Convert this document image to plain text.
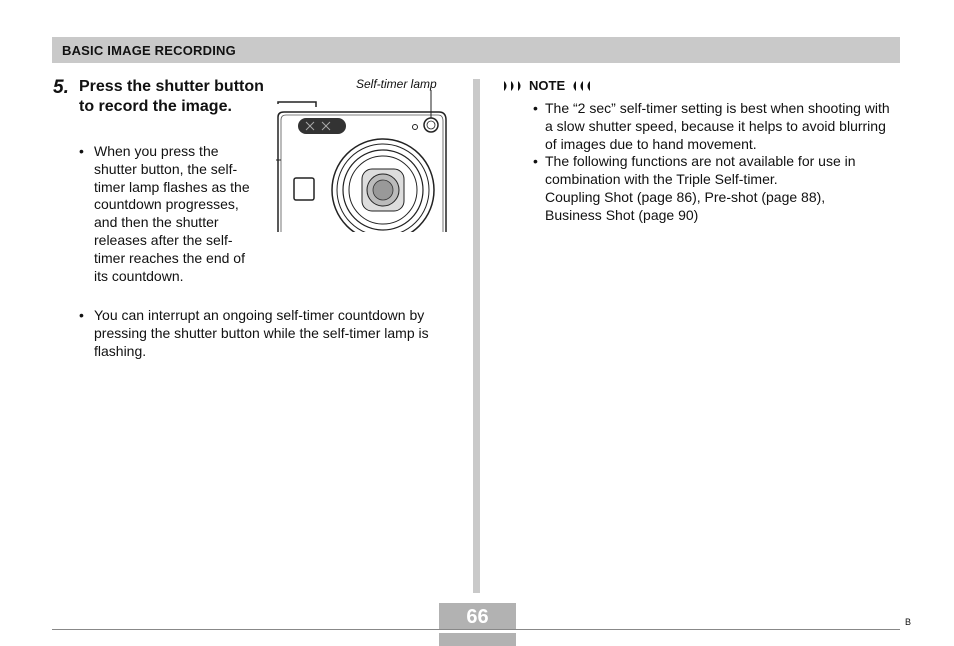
BASIC IMAGE RECORDING
5. Press the shutter button to record the image.
• When you press the shutter button, the self-timer lamp flashes as the countdown progresses, and then the shutter releases after the self-timer reaches the end of its countdown.
• You can interrupt an ongoing self-timer countdown by pressing the shutter button while the self-timer lamp is flashing.
Self-timer lamp	NOTE
• The “2 sec” self-timer setting is best when shooting with a slow shutter speed, because it helps to avoid blurring of images due to hand movement.
• The following functions are not available for use in combination with the Triple Self-timer.
Coupling Shot (page 86), Pre-shot (page 88),
Business Shot (page 90)
66	B
